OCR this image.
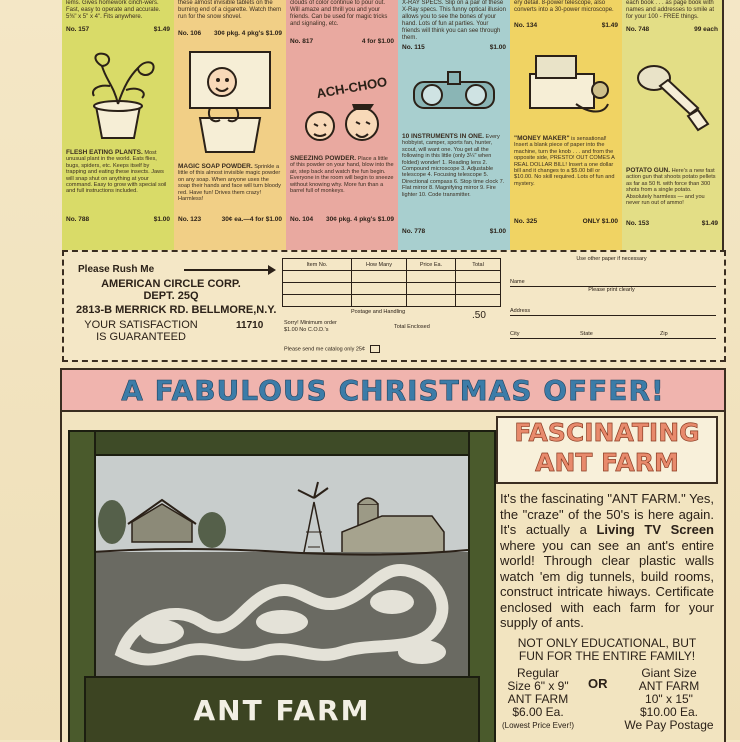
lems. Gives homework cinch-wers. Fast, easy to operate and accurate. 5⅜" x 5" x 4". Fits anywhere.
No. 157	$1.49
FLESH EATING PLANTS. Most unusual plant in the world. Eats flies, bugs, spiders, etc. Keeps itself by trapping and eating these insects. Jaws will snap shut on anything at your command. Easy to grow with special soil and full instructions included.
No. 788	$1.00
these almost invisible tablets on the burning end of a cigarette. Watch them run for the snow shovel.
No. 106 30¢ pkg. 4 pkg's $1.09
MAGIC SOAP POWDER. Sprinkle a little of this almost invisible magic powder on any soap. When anyone uses the soap their hands and face will turn bloody red. Have fun! Drives them crazy! Harmless!
No. 123	30¢ ea.—4 for $1.00
clouds of color continue to pour out. Will amaze and thrill you and your friends. Can be used for magic tricks and signaling, etc.
No. 817	4 for $1.00
ACH-CHOO
SNEEZING POWDER. Place a little of this powder on your hand, blow into the air, step back and watch the fun begin. Everyone in the room will begin to sneeze without knowing why. More fun than a barrel full of monkeys.
No. 104 30¢ pkg. 4 pkg's $1.09
X-RAY SPECS. Slip on a pair of these X-Ray specs. This funny optical illusion allows you to see the bones of your hand. Lots of fun at parties. Your friends will think you can see through them.
No. 115	$1.00
10 INSTRUMENTS IN ONE. Every hobbyist, camper, sports fan, hunter, scout, will want one. You get all the following in this little (only 3¼" when folded) wonder! 1. Reading lens 2. Compound microscope 3. Adjustable telescope 4. Focusing telescope 5. Directional compass 6. Stop time clock 7. Flat mirror 8. Magnifying mirror 9. Fire lighter 10. Code transmitter.
No. 778	$1.00
ery detail. 8-power telescope, also converts into a 30-power microscope.
No. 134	$1.49
"MONEY MAKER" is sensational! Insert a blank piece of paper into the machine, turn the knob . . . and from the opposite side, PRESTO! OUT COMES A REAL DOLLAR BILL! Insert a one dollar bill and it changes to a $5.00 bill or $10.00. No skill required. Lots of fun and mystery.
No. 325	ONLY $1.00
each book . . . as page book with names and addresses to smile at for your 100 - FREE things.
No. 748	99 each
POTATO GUN. Here's a new fast action gun that shoots potato pellets as far as 50 ft. with force than 300 shots from a single potato. Absolutely harmless — and you never run out of ammo!
No. 153	$1.49
Please Rush Me
AMERICAN CIRCLE CORP.
DEPT. 25Q
2813-B MERRICK RD. BELLMORE,N.Y.
YOUR SATISFACTION
IS GUARANTEED
11710
Item No.	How Many	Price Ea.	Total

Sorry! Minimum order $1.00 No C.O.D.'s
Postage and Handling	.50
Total Enclosed
Please send me catalog only 25¢
Use other paper if necessary
Name
Please print clearly
Address
City	State	Zip
A FABULOUS CHRISTMAS OFFER!
ANT FARM
FASCINATING
ANT FARM
It's the fascinating "ANT FARM." Yes, the "craze" of the 50's is here again. It's actually a Living TV Screen where you can see an ant's entire world! Through clear plastic walls watch 'em dig tunnels, build rooms, construct intricate hiways. Certificate enclosed with each farm for your supply of ants.
NOT ONLY EDUCATIONAL, BUT
FUN FOR THE ENTIRE FAMILY!
Regular
Size 6" x 9"
ANT FARM
$6.00 Ea.
(Lowest Price Ever!)
OR
Giant Size
ANT FARM
10" x 15"
$10.00 Ea.
We Pay Postage
